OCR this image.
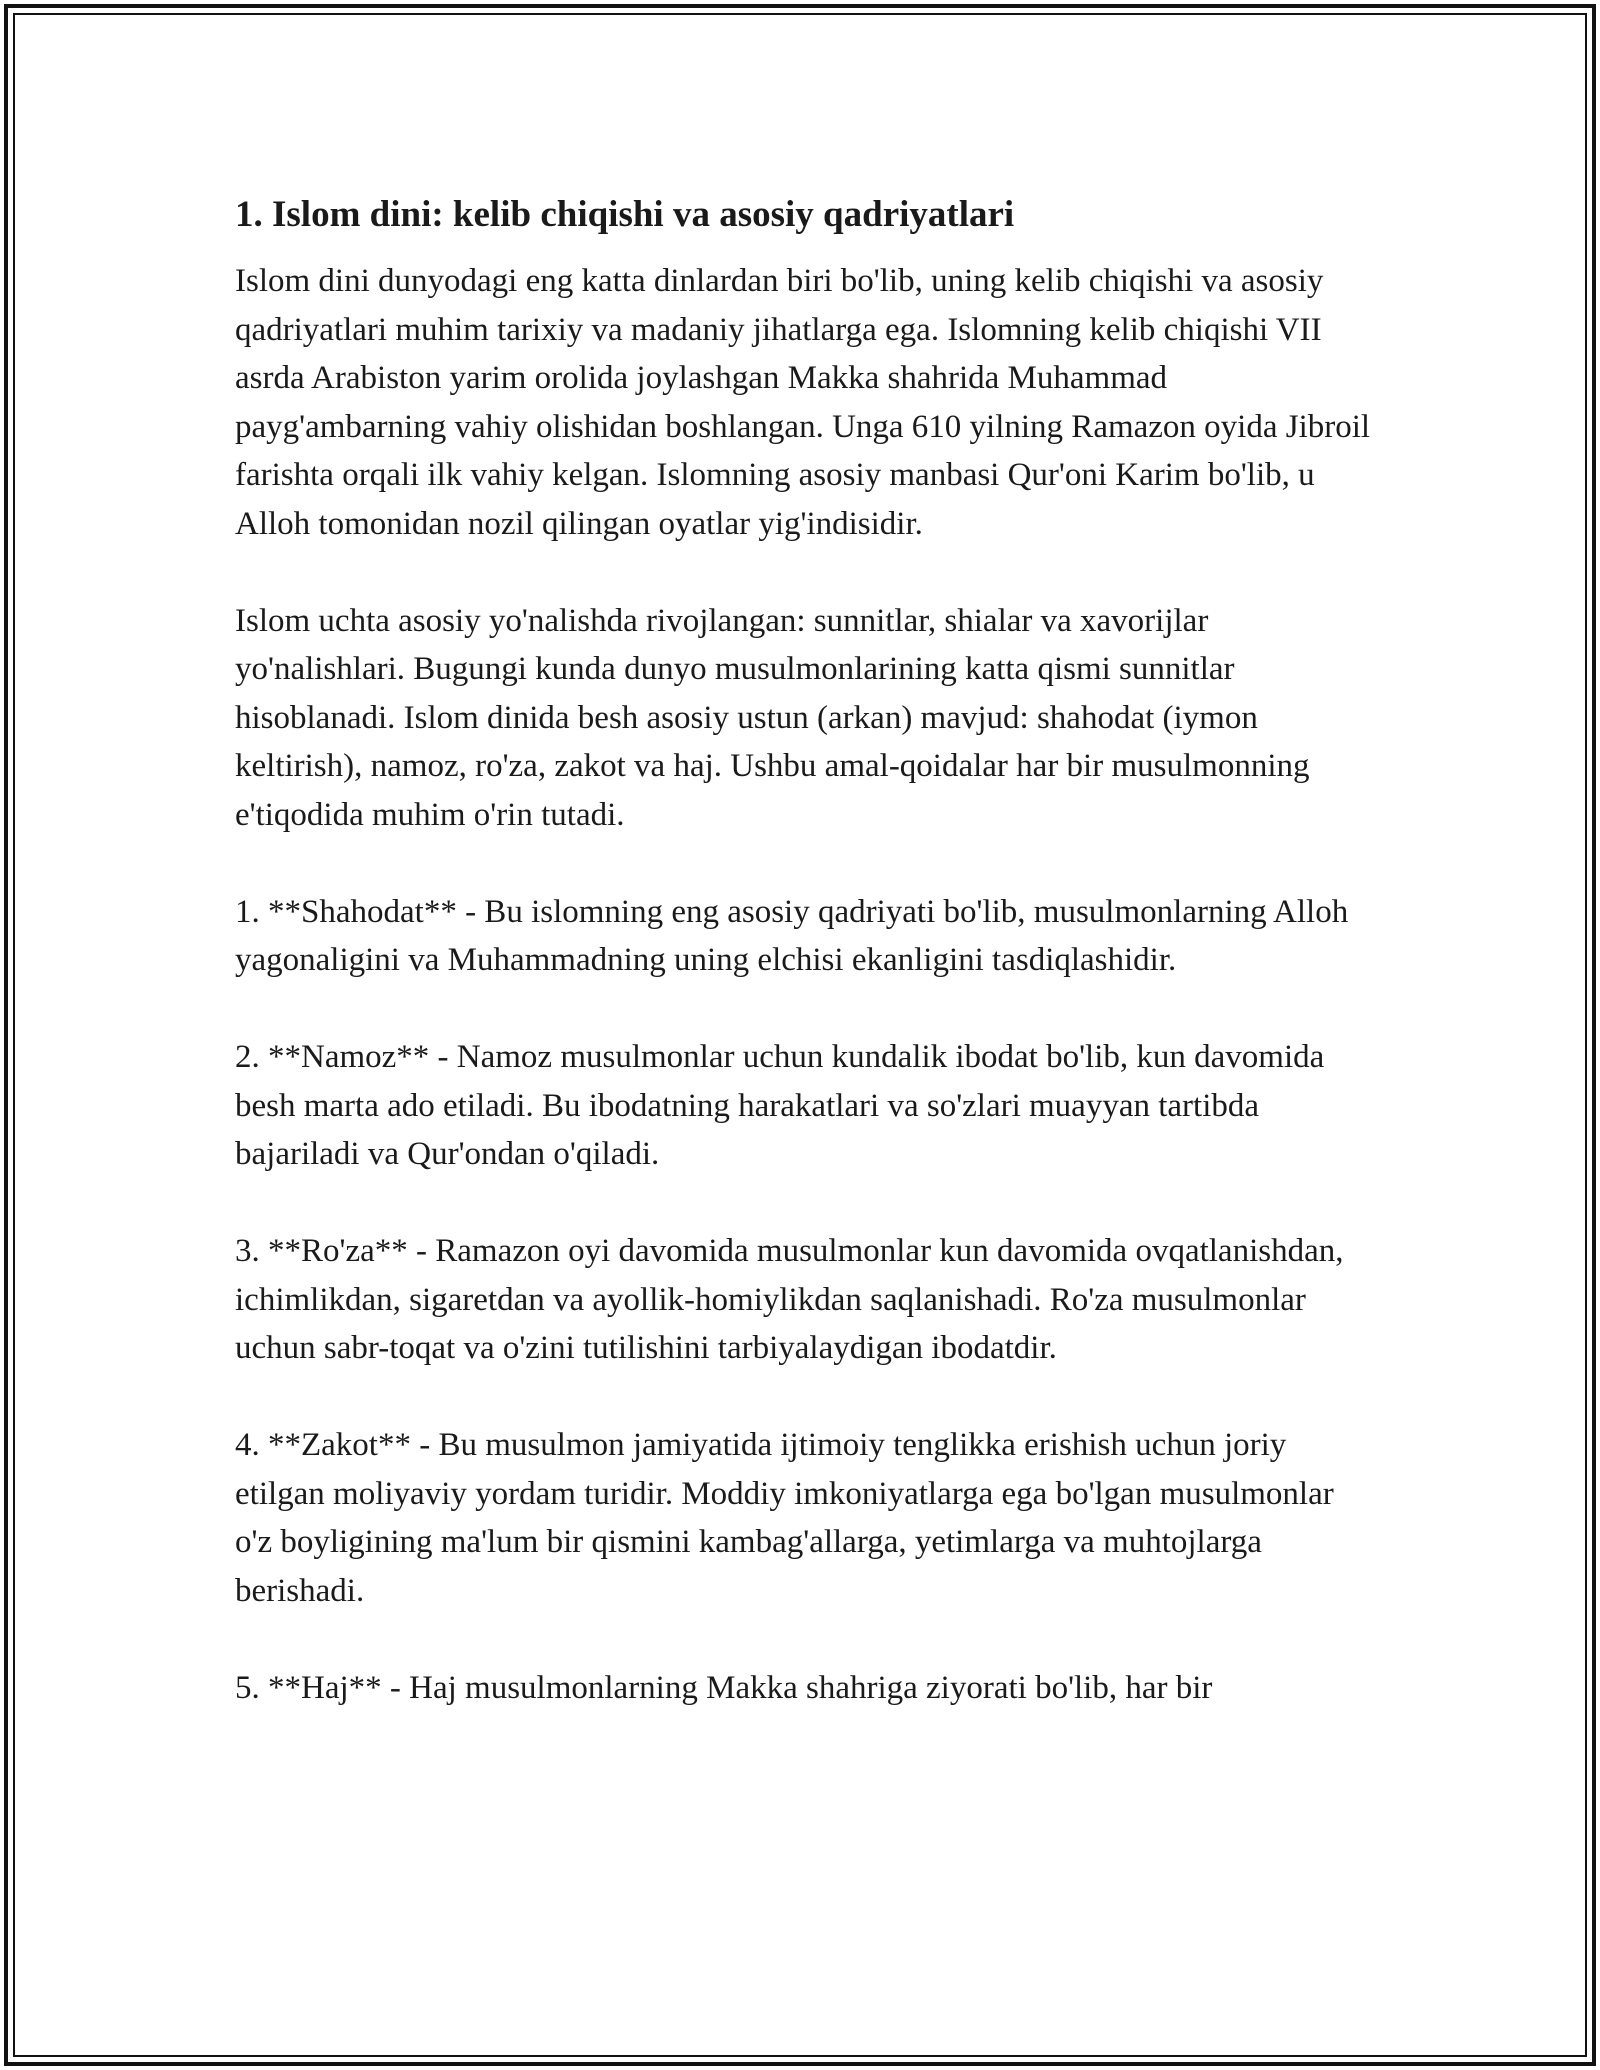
1. Islom dini: kelib chiqishi va asosiy qadriyatlari

Islom dini dunyodagi eng katta dinlardan biri bo'lib, uning kelib chiqishi va asosiy qadriyatlari muhim tarixiy va madaniy jihatlarga ega. Islomning kelib chiqishi VII asrda Arabiston yarim orolida joylashgan Makka shahrida Muhammad payg'ambarning vahiy olishidan boshlangan. Unga 610 yilning Ramazon oyida Jibroil farishta orqali ilk vahiy kelgan. Islomning asosiy manbasi Qur'oni Karim bo'lib, u Alloh tomonidan nozil qilingan oyatlar yig'indisidir.

Islom uchta asosiy yo'nalishda rivojlangan: sunnitlar, shialar va xavorijlar yo'nalishlari. Bugungi kunda dunyo musulmonlarining katta qismi sunnitlar hisoblanadi. Islom dinida besh asosiy ustun (arkan) mavjud: shahodat (iymon keltirish), namoz, ro'za, zakot va haj. Ushbu amal-qoidalar har bir musulmonning e'tiqodida muhim o'rin tutadi.

1. **Shahodat** - Bu islomning eng asosiy qadriyati bo'lib, musulmonlarning Alloh yagonaligini va Muhammadning uning elchisi ekanligini tasdiqlashidir.

2. **Namoz** - Namoz musulmonlar uchun kundalik ibodat bo'lib, kun davomida besh marta ado etiladi. Bu ibodatning harakatlari va so'zlari muayyan tartibda bajariladi va Qur'ondan o'qiladi.

3. **Ro'za** - Ramazon oyi davomida musulmonlar kun davomida ovqatlanishdan, ichimlikdan, sigaretdan va ayollik-homiylikdan saqlanishadi. Ro'za musulmonlar uchun sabr-toqat va o'zini tutilishini tarbiyalaydigan ibodatdir.

4. **Zakot** - Bu musulmon jamiyatida ijtimoiy tenglikka erishish uchun joriy etilgan moliyaviy yordam turidir. Moddiy imkoniyatlarga ega bo'lgan musulmonlar o'z boyligining ma'lum bir qismini kambag'allarga, yetimlarga va muhtojlarga berishadi.

5. **Haj** - Haj musulmonlarning Makka shahriga ziyorati bo'lib, har bir
